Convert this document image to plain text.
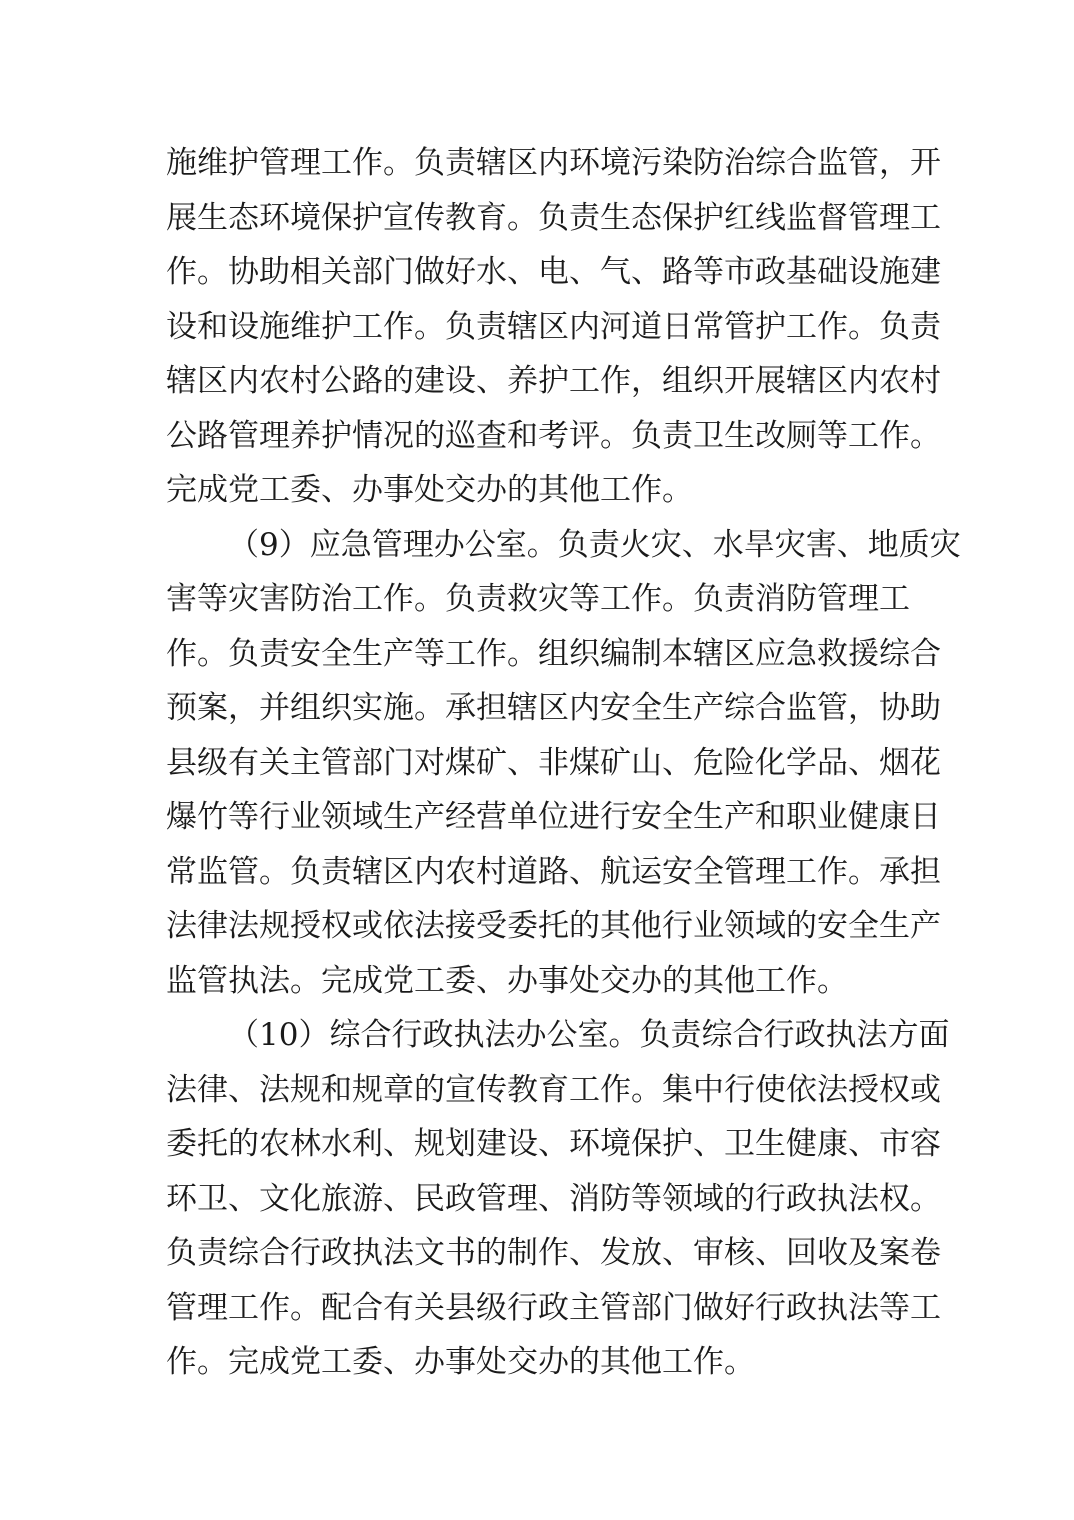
施维护管理工作。负责辖区内环境污染防治综合监管，开
展生态环境保护宣传教育。负责生态保护红线监督管理工
作。协助相关部门做好水、电、气、路等市政基础设施建
设和设施维护工作。负责辖区内河道日常管护工作。负责
辖区内农村公路的建设、养护工作，组织开展辖区内农村
公路管理养护情况的巡查和考评。负责卫生改厕等工作。
完成党工委、办事处交办的其他工作。
（9）应急管理办公室。负责火灾、水旱灾害、地质灾
害等灾害防治工作。负责救灾等工作。负责消防管理工
作。负责安全生产等工作。组织编制本辖区应急救援综合
预案，并组织实施。承担辖区内安全生产综合监管，协助
县级有关主管部门对煤矿、非煤矿山、危险化学品、烟花
爆竹等行业领域生产经营单位进行安全生产和职业健康日
常监管。负责辖区内农村道路、航运安全管理工作。承担
法律法规授权或依法接受委托的其他行业领域的安全生产
监管执法。完成党工委、办事处交办的其他工作。
（10）综合行政执法办公室。负责综合行政执法方面
法律、法规和规章的宣传教育工作。集中行使依法授权或
委托的农林水利、规划建设、环境保护、卫生健康、市容
环卫、文化旅游、民政管理、消防等领域的行政执法权。
负责综合行政执法文书的制作、发放、审核、回收及案卷
管理工作。配合有关县级行政主管部门做好行政执法等工
作。完成党工委、办事处交办的其他工作。
